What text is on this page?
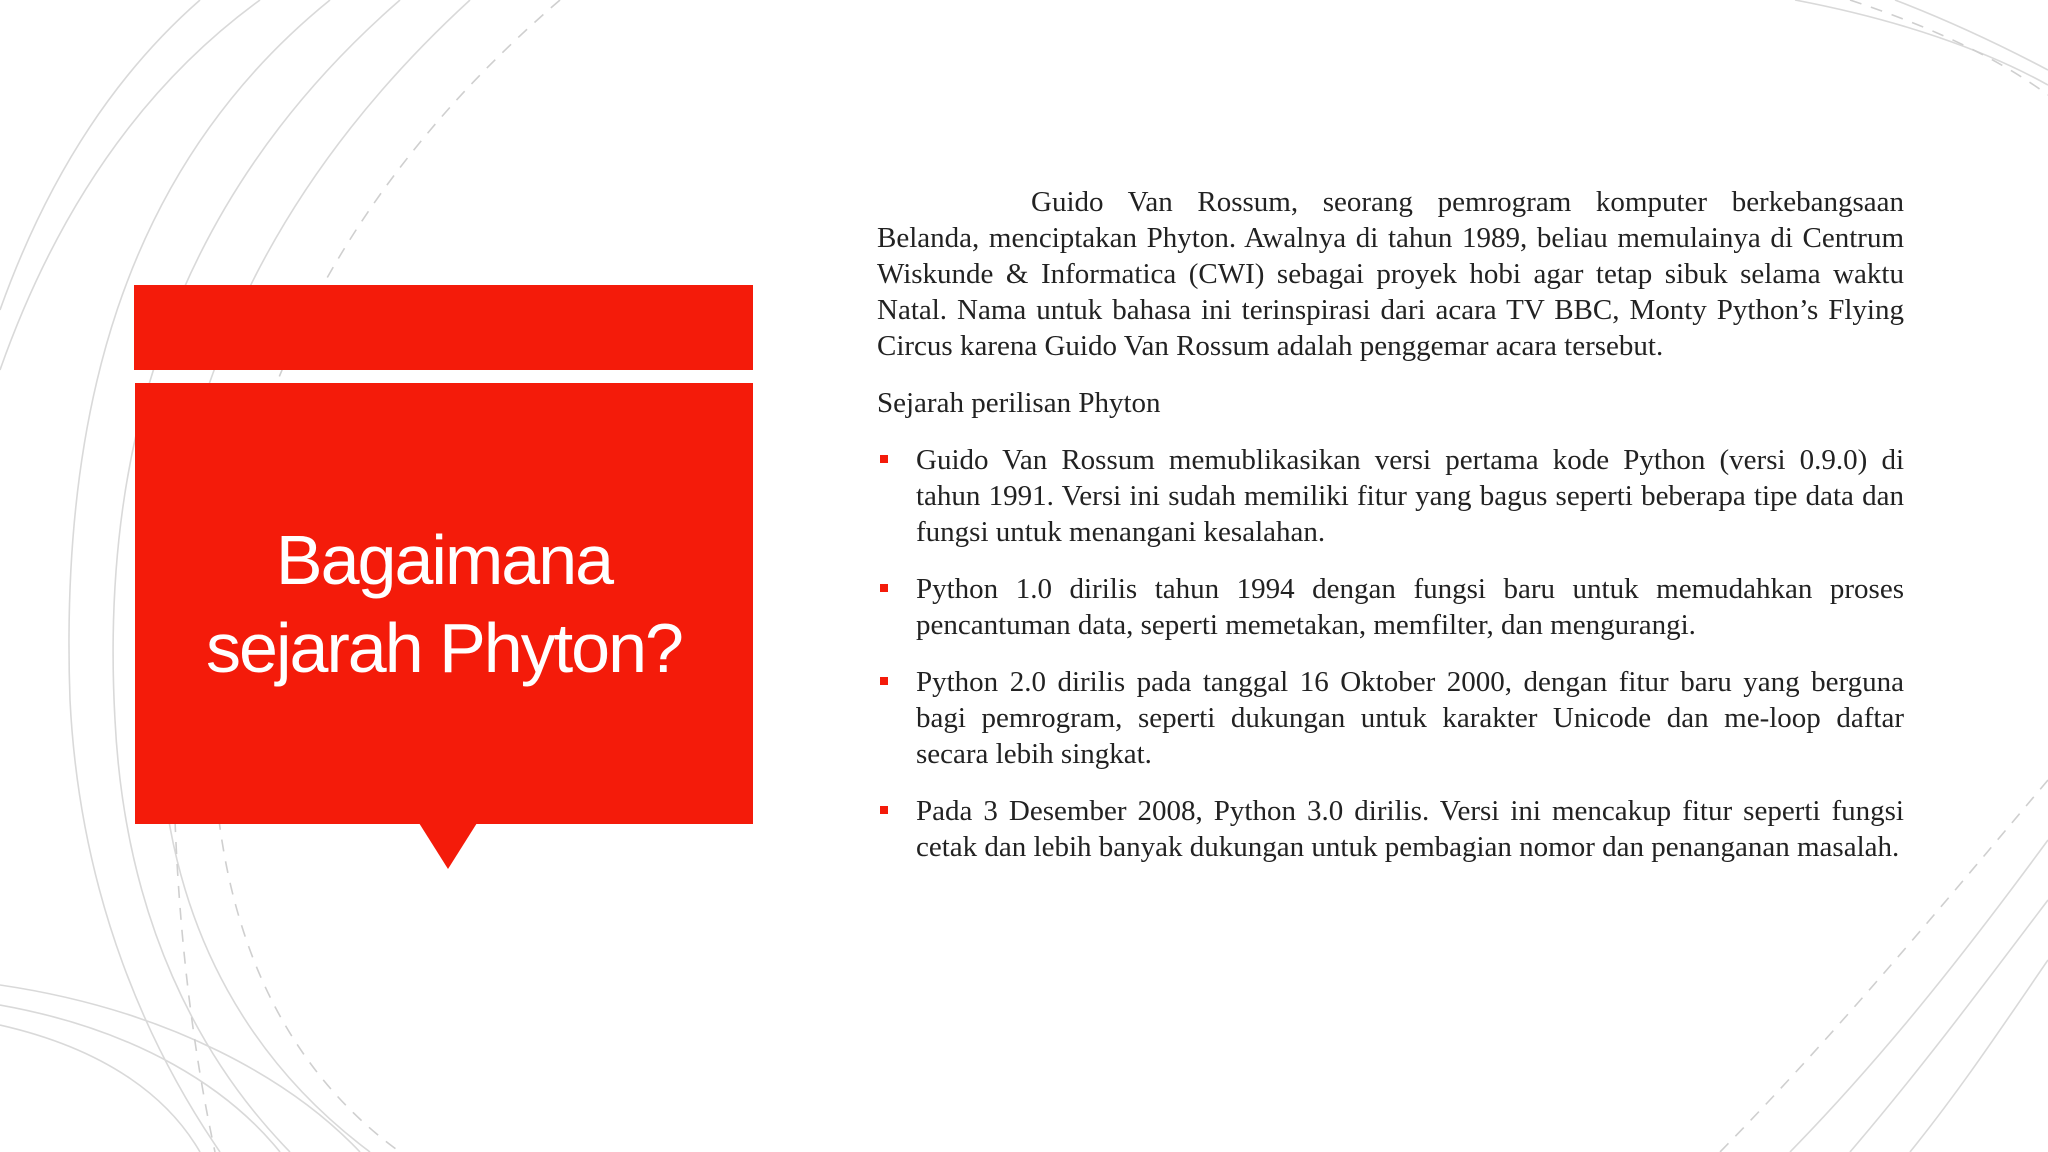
Bagaimana
sejarah Phyton?

Guido Van Rossum, seorang pemrogram komputer berkebangsaan Belanda, menciptakan Phyton. Awalnya di tahun 1989, beliau memulainya di Centrum Wiskunde & Informatica (CWI) sebagai proyek hobi agar tetap sibuk selama waktu Natal. Nama untuk bahasa ini terinspirasi dari acara TV BBC, Monty Python’s Flying Circus karena Guido Van Rossum adalah penggemar acara tersebut.

Sejarah perilisan Phyton

Guido Van Rossum memublikasikan versi pertama kode Python (versi 0.9.0) di tahun 1991. Versi ini sudah memiliki fitur yang bagus seperti beberapa tipe data dan fungsi untuk menangani kesalahan.
Python 1.0 dirilis tahun 1994 dengan fungsi baru untuk memudahkan proses pencantuman data, seperti memetakan, memfilter, dan mengurangi.
Python 2.0 dirilis pada tanggal 16 Oktober 2000, dengan fitur baru yang berguna bagi pemrogram, seperti dukungan untuk karakter Unicode dan me-loop daftar secara lebih singkat.
Pada 3 Desember 2008, Python 3.0 dirilis. Versi ini mencakup fitur seperti fungsi cetak dan lebih banyak dukungan untuk pembagian nomor dan penanganan masalah.
